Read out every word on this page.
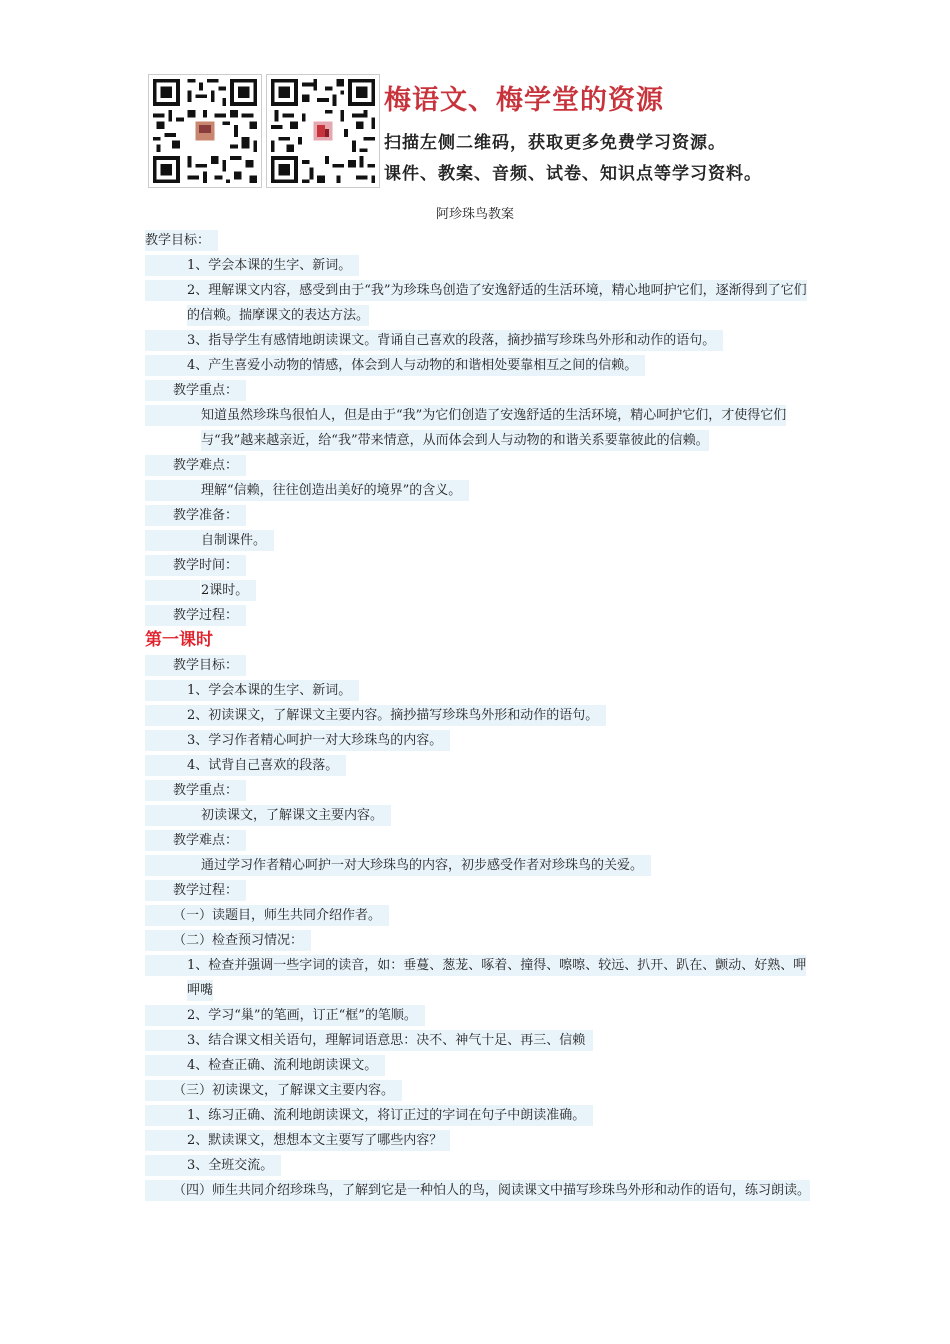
梅语文、梅学堂的资源
扫描左侧二维码，获取更多免费学习资源。
课件、教案、音频、试卷、知识点等学习资料。
阿珍珠鸟教案

教学目标：

1、学会本课的生字、新词。

2、理解课文内容，感受到由于“我”为珍珠鸟创造了安逸舒适的生活环境，精心地呵护它们，逐渐得到了它们的信赖。揣摩课文的表达方法。

3、指导学生有感情地朗读课文。背诵自己喜欢的段落，摘抄描写珍珠鸟外形和动作的语句。

4、产生喜爱小动物的情感，体会到人与动物的和谐相处要靠相互之间的信赖。

教学重点：

知道虽然珍珠鸟很怕人，但是由于“我”为它们创造了安逸舒适的生活环境，精心呵护它们，才使得它们与“我”越来越亲近，给“我”带来情意，从而体会到人与动物的和谐关系要靠彼此的信赖。

教学难点：

理解“信赖，往往创造出美好的境界”的含义。

教学准备：

自制课件。

教学时间：

2课时。

教学过程：

第一课时

教学目标：

1、学会本课的生字、新词。

2、初读课文，了解课文主要内容。摘抄描写珍珠鸟外形和动作的语句。

3、学习作者精心呵护一对大珍珠鸟的内容。

4、试背自己喜欢的段落。

教学重点：

初读课文，了解课文主要内容。

教学难点：

通过学习作者精心呵护一对大珍珠鸟的内容，初步感受作者对珍珠鸟的关爱。

教学过程：

（一）读题目，师生共同介绍作者。

（二）检查预习情况：

1、检查并强调一些字词的读音，如：垂蔓、葱茏、啄着、撞得、嚓嚓、较远、扒开、趴在、颤动、好熟、呷呷嘴

2、学习“巢”的笔画，订正“框”的笔顺。

3、结合课文相关语句，理解词语意思：决不、神气十足、再三、信赖

4、检查正确、流利地朗读课文。

（三）初读课文，了解课文主要内容。

1、练习正确、流利地朗读课文，将订正过的字词在句子中朗读准确。

2、默读课文，想想本文主要写了哪些内容？

3、全班交流。

（四）师生共同介绍珍珠鸟，了解到它是一种怕人的鸟，阅读课文中描写珍珠鸟外形和动作的语句，练习朗读。
